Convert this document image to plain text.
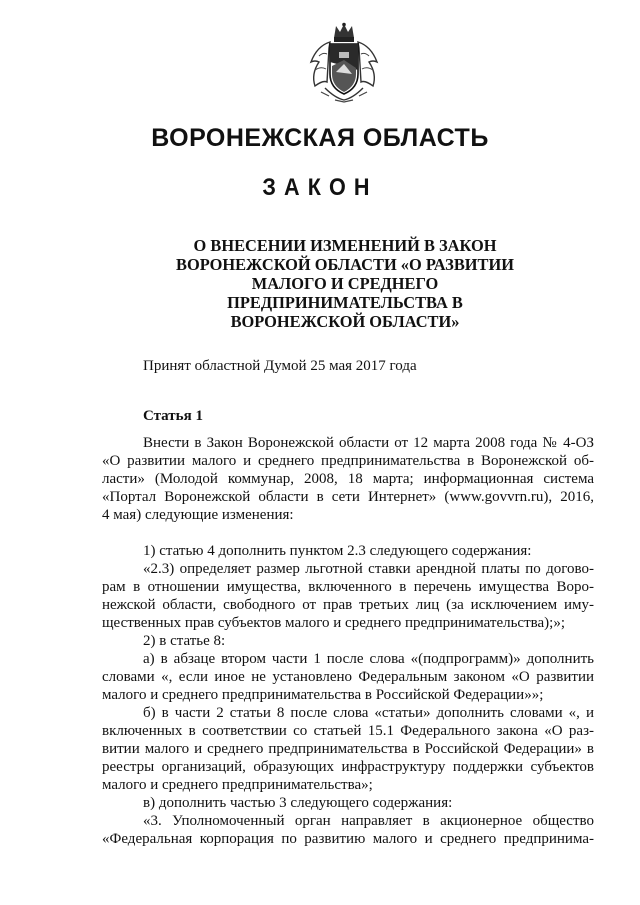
ВОРОНЕЖСКАЯ ОБЛАСТЬ
ЗАКОН
О ВНЕСЕНИИ ИЗМЕНЕНИЙ В ЗАКОН
ВОРОНЕЖСКОЙ ОБЛАСТИ «О РАЗВИТИИ
МАЛОГО И СРЕДНЕГО
ПРЕДПРИНИМАТЕЛЬСТВА В
ВОРОНЕЖСКОЙ ОБЛАСТИ»
Принят областной Думой 25 мая 2017 года
Статья 1
Внести в Закон Воронежской области от 12 марта 2008 года № 4-ОЗ
«О развитии малого и среднего предпринимательства в Воронежской об-
ласти» (Молодой коммунар, 2008, 18 марта; информационная система
«Портал Воронежской области в сети Интернет» (www.govvrn.ru), 2016,
4 мая) следующие изменения:
1) статью 4 дополнить пунктом 2.3 следующего содержания:
«2.3) определяет размер льготной ставки арендной платы по догово-
рам в отношении имущества, включенного в перечень имущества Воро-
нежской области, свободного от прав третьих лиц (за исключением иму-
щественных прав субъектов малого и среднего предпринимательства);»;
2) в статье 8:
а) в абзаце втором части 1 после слова «(подпрограмм)» дополнить
словами «, если иное не установлено Федеральным законом «О развитии
малого и среднего предпринимательства в Российской Федерации»»;
б) в части 2 статьи 8 после слова «статьи» дополнить словами «, и
включенных в соответствии со статьей 15.1 Федерального закона «О раз-
витии малого и среднего предпринимательства в Российской Федерации» в
реестры организаций, образующих инфраструктуру поддержки субъектов
малого и среднего предпринимательства»;
в) дополнить частью 3 следующего содержания:
«3. Уполномоченный орган направляет в акционерное общество
«Федеральная корпорация по развитию малого и среднего предпринима-
